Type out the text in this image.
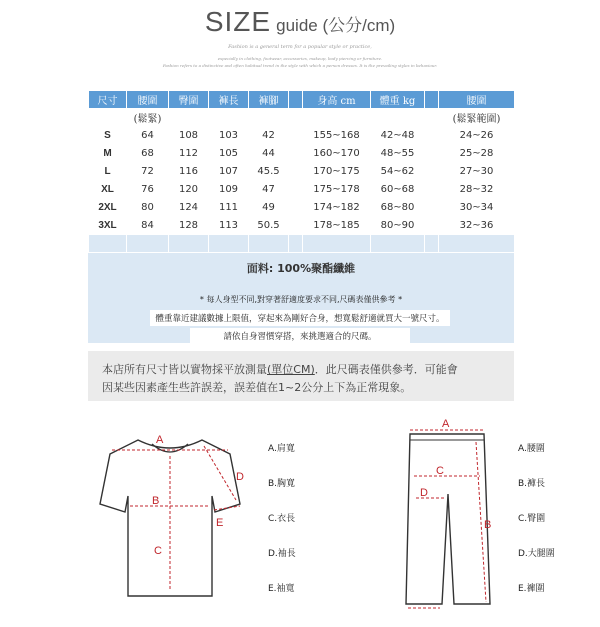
SIZE guide (公分/cm)
Fashion is a general term for a popular style or practice,
especially in clothing, footwear, accessories, makeup, body piercing or furniture.
Fashion refers to a distinctive and often habitual trend in the style with which a person dresses. It is the prevailing styles in behaviour.
尺寸	腰圍	臀圍	褲長	褲腳		身高 cm	體重 kg		腰圍
	(鬆緊)								(鬆緊範圍)
S	64	108	103	42		155~168	42~48		24~26
M	68	112	105	44		160~170	48~55		25~28
L	72	116	107	45.5		170~175	54~62		27~30
XL	76	120	109	47		175~178	60~68		28~32
2XL	80	124	111	49		174~182	68~80		30~34
3XL	84	128	113	50.5		178~185	80~90		32~36

面料: 100%聚酯纖維
* 每人身型不同,對穿著舒適度要求不同,尺碼表僅供參考 *
體重靠近建議數據上限值，穿起來為剛好合身，想寬鬆舒適就買大一號尺寸。
請依自身習慣穿搭，來挑選適合的尺碼。
本店所有尺寸皆以實物採平放測量(單位CM)．此尺碼表僅供參考．可能會
因某些因素產生些許誤差，誤差值在1~2公分上下為正常現象。
A
B
C
D
E
A.肩寬
B.胸寬
C.衣長
D.袖長
E.袖寬
A
B
C
D
A.腰圍
B.褲長
C.臀圍
D.大腿圍
E.褲圍
